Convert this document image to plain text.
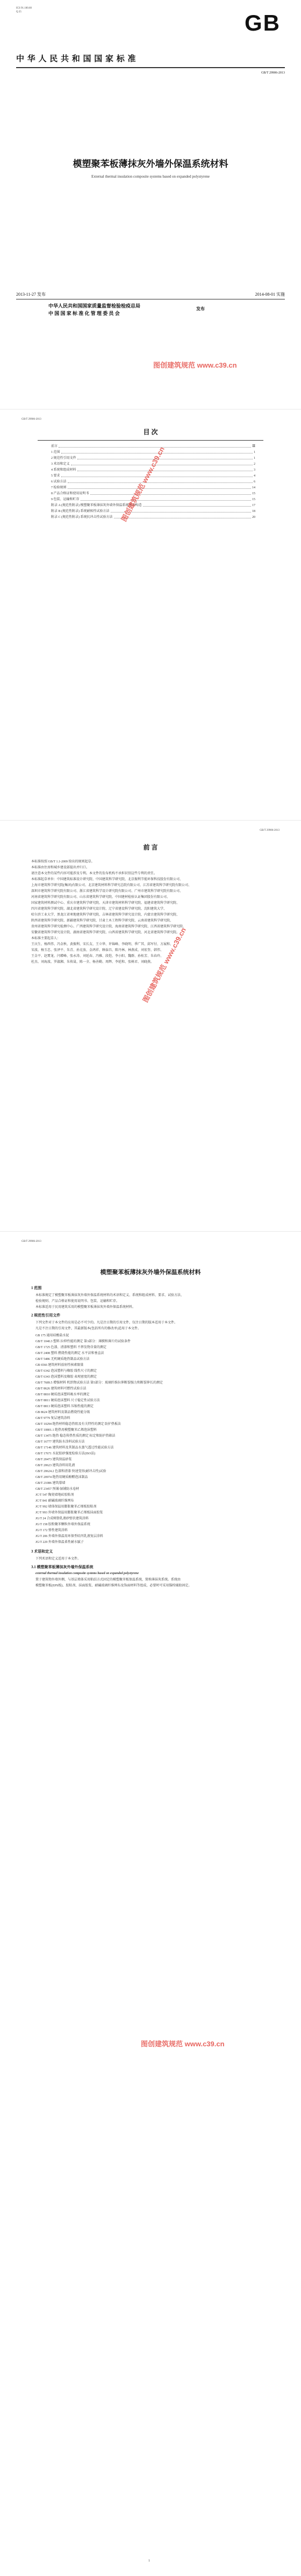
ICS 91.100.60
Q 25	GB
中 华 人 民 共 和 国 国 家 标 准
GB/T 29906-2013
模塑聚苯板薄抹灰外墙外保温系统材料
External thermal insulation composite systems based on expanded polystyrene
2013-11-27 发布	2014-08-01 实施
中华人民共和国国家质量监督检验检疫总局
中 国 国 家 标 准 化 管 理 委 员 会
发布
图创建筑规范 www.c39.cn
GB/T 29906-2013
目 次
前言	Ⅲ
1 范围	1
2 规范性引用文件	1
3 术语和定义	2
4 系统和组成材料	3
5 要求	4
6 试验方法	6
7 检验规则	14
8 产品合格证和使用说明书	15
9 包装、运输和贮存	15
附录 A (规范性附录) 模塑聚苯板薄抹灰外墙外保温系统基本构造	17
附录 B (规范性附录) 系统耐候性试验方法	18
附录 C (规范性附录) 系统抗冲击性试验方法	20
图创建筑规范 www.c39.cn
GB/T 29906-2013
前 言
本标准按照 GB/T 1.1-2009 给出的规则起草。
本标准由住房和城乡建设部提出并归口。
请注意本文件的某些内容可能涉及专利。本文件的发布机构不承担识别这些专利的责任。
本标准起草单位：中国建筑标准设计研究院、中国建筑科学研究院、北京振利节能环保科技股份有限公司、
上海市建筑科学研究院(集团)有限公司、北京建筑材料科学研究总院有限公司、江苏省建筑科学研究院有限公司、
深圳市建筑科学研究院有限公司、浙江省建筑科学设计研究院有限公司、广州市建筑科学研究院有限公司、
河南省建筑科学研究院有限公司、山东省建筑科学研究院、中国建材检验认证集团股份有限公司、
国家建筑材料测试中心、重庆市建筑科学研究院、天津市建筑材料科学研究院、福建省建筑科学研究院、
四川省建筑科学研究院、湖北省建筑科学研究设计院、辽宁省建设科学研究院、沈阳建筑大学、
哈尔滨工业大学、黑龙江省寒地建筑科学研究院、吉林省建筑科学研究设计院、内蒙古建筑科学研究院、
陕西省建筑科学研究院、新疆建筑科学研究院、甘肃土木工程科学研究院、云南省建筑科学研究院、
贵州省建筑科学研究检测中心、广西建筑科学研究设计院、海南省建筑科学研究院、江西省建筑科学研究院、
安徽省建筑科学研究设计院、湖南省建筑科学研究院、山西省建筑科学研究院、河北省建筑科学研究院。
本标准主要起草人：
王庆生、杨西伟、冯金秋、黄振利、宋长友、王立华、许锦峰、李晓明、季广其、邱军付、方展和、
宋波、杨玉忠、张泽平、朱青、孙克放、金鸿祥、顾泰昌、陈丹林、林燕成、刘宏奎、韩伟、
王金平、赵霄龙、闫增峰、张永涛、刘延春、冯雅、段恺、李小阳、魏群、孙桂芳、朱春玲、
杜杰、刘海波、罗淑湘、朱传晟、陈一全、杨善勤、周辉、李延和、张树君、刘晓燕。
图创建筑规范 www.c39.cn
GB/T 29906-2013
模塑聚苯板薄抹灰外墙外保温系统材料
1 范围
本标准规定了模塑聚苯板薄抹灰外墙外保温系统材料的术语和定义、系统和组成材料、要求、试验方法、
检验规则、产品合格证和使用说明书、包装、运输和贮存。
本标准适用于民用建筑采用的模塑聚苯板薄抹灰外墙外保温系统材料。
2 规范性引用文件
下列文件对于本文件的应用是必不可少的。凡是注日期的引用文件，仅注日期的版本适用于本文件。
凡是不注日期的引用文件，其最新版本(包括所有的修改单)适用于本文件。
GB 175 通用硅酸盐水泥
GB/T 1040.3 塑料 拉伸性能的测定 第3部分：薄膜和薄片的试验条件
GB/T 1725 色漆、清漆和塑料 不挥发物含量的测定
GB/T 2408 塑料 燃烧性能的测定 水平法和垂直法
GB/T 5486 无机硬质绝热制品试验方法
GB 6566 建筑材料放射性核素限量
GB/T 6342 泡沫塑料与橡胶 线性尺寸的测定
GB/T 6343 泡沫塑料及橡胶 表观密度的测定
GB/T 7689.5 增强材料 机织物试验方法 第5部分：玻璃纤维拉伸断裂强力和断裂伸长的测定
GB/T 8626 建筑材料可燃性试验方法
GB/T 8810 硬质泡沫塑料吸水率的测定
GB/T 8811 硬质泡沫塑料 尺寸稳定性试验方法
GB/T 8813 硬质泡沫塑料 压缩性能的测定
GB 8624 建筑材料及制品燃烧性能分级
GB/T 9779 复层建筑涂料
GB/T 10294 绝热材料稳态热阻及有关特性的测定 防护热板法
GB/T 10801.1 绝热用模塑聚苯乙烯泡沫塑料
GB/T 13475 绝热 稳态传热性质的测定 标定和防护热箱法
GB/T 16777 建筑防水涂料试验方法
GB/T 17146 建筑材料及其制品水蒸气透过性能试验方法
GB/T 17671 水泥胶砂强度检验方法(ISO法)
GB/T 20473 建筑保温砂浆
GB/T 20623 建筑涂料用乳液
GB/T 20624.2 色漆和清漆 快速变形(耐冲击性)试验
GB/T 20974 绝热用硬质酚醛泡沫制品
GB/T 21086 建筑幕墙
GB/T 23457 预铺/湿铺防水卷材
JC/T 547 陶瓷墙地砖胶粘剂
JC/T 841 耐碱玻璃纤维网布
JC/T 992 墙体保温用膨胀聚苯乙烯板胶粘剂
JC/T 993 外墙外保温用膨胀聚苯乙烯板抹面胶浆
JG/T 24 合成树脂乳液砂壁状建筑涂料
JG/T 158 胶粉聚苯颗粒外墙外保温系统
JG/T 172 弹性建筑涂料
JG/T 206 外墙外保温用环保型硅丙乳液复层涂料
JG/T 229 外墙外保温柔性耐水腻子
3 术语和定义
下列术语和定义适用于本文件。
3.1 模塑聚苯板薄抹灰外墙外保温系统
external thermal insulation composite systems based on expanded polystyrene
置于建筑物外墙外侧，与基层墙体采用粘结方式固定的模塑聚苯板保温系统，简称薄抹灰系统。系统由
模塑聚苯板(EPS板)、胶粘剂、抹面胶浆、耐碱玻璃纤维网布及饰面材料等组成，必要时可采用锚栓辅助固定。
1
图创建筑规范 www.c39.cn
